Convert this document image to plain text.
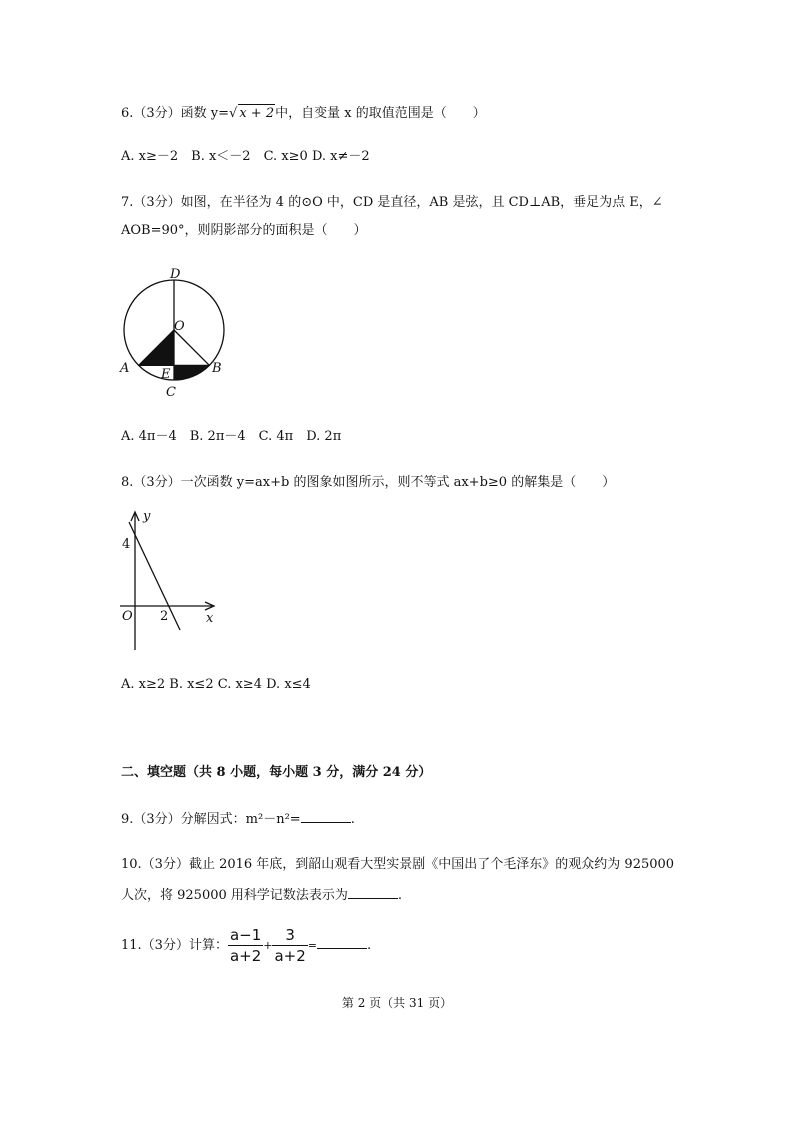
6.（3分）函数 y=√ x + 2中，自变量 x 的取值范围是（　　）
A. x≥－2　B. x＜－2　C. x≥0 D. x≠－2
7.（3分）如图，在半径为 4 的⊙O 中，CD 是直径，AB 是弦，且 CD⊥AB，垂足为点 E，∠
AOB=90°，则阴影部分的面积是（　　）
D
O
A E	B
C
A. 4π－4　B. 2π－4　C. 4π　D. 2π
8.（3分）一次函数 y=ax+b 的图象如图所示，则不等式 ax+b≥0 的解集是（　　）
y
x
O
4
2
A. x≥2 B. x≤2 C. x≥4 D. x≤4
二、填空题（共 8 小题，每小题 3 分，满分 24 分）
9.（3分）分解因式：m²－n²=	.
10.（3分）截止 2016 年底，到韶山观看大型实景剧《中国出了个毛泽东》的观众约为 925000
人次，将 925000 用科学记数法表示为	.
11.（3分）计算： $\frac{a-1}{a+2} + \frac{3}{a+2}$ =	.
第 2 页（共 31 页）
